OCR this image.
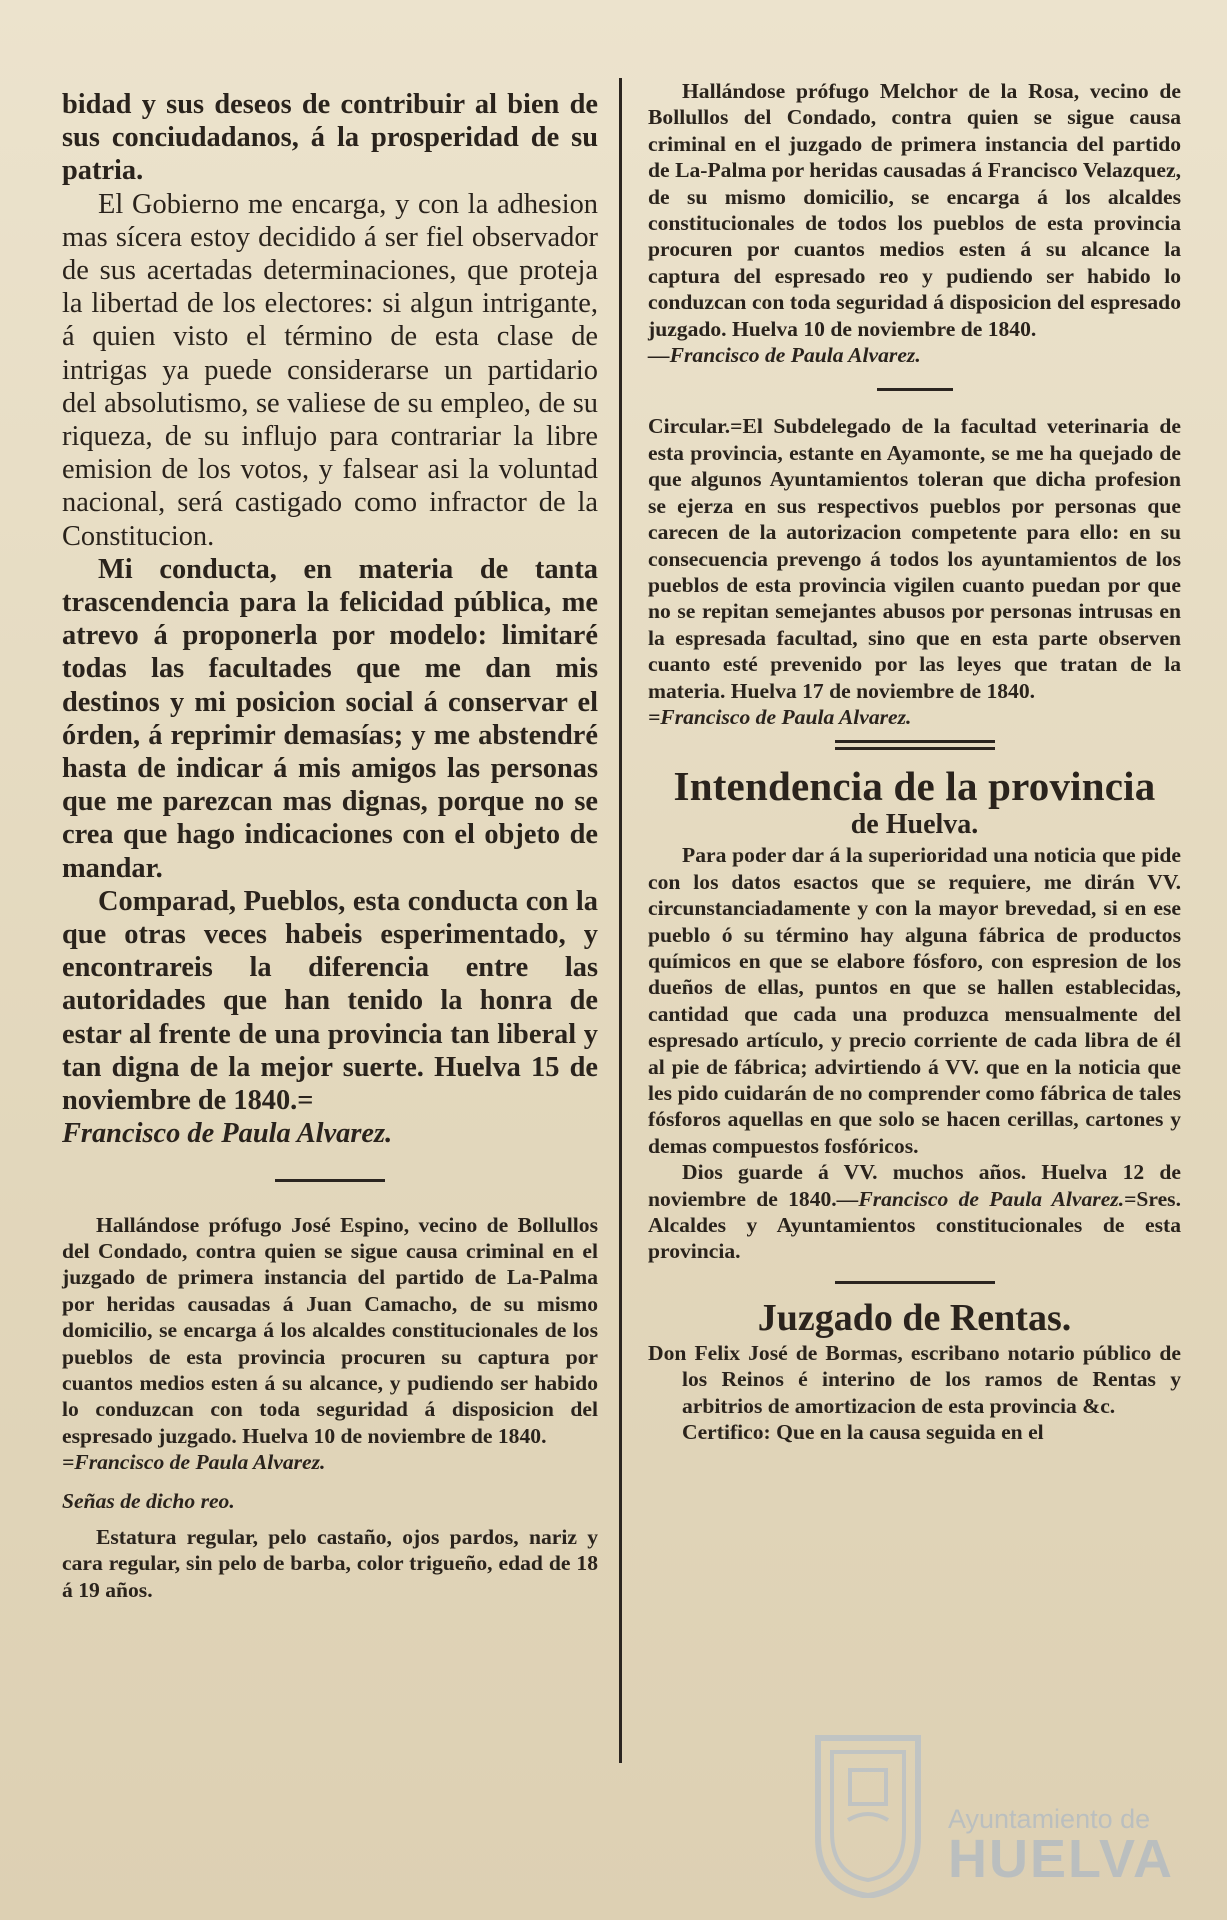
bidad y sus deseos de contribuir al bien de sus conciudadanos, á la prosperidad de su patria.

El Gobierno me encarga, y con la adhesion mas sícera estoy decidido á ser fiel observador de sus acertadas determinaciones, que proteja la libertad de los electores: si algun intrigante, á quien visto el término de esta clase de intrigas ya puede considerarse un partidario del absolutismo, se valiese de su empleo, de su riqueza, de su influjo para contrariar la libre emision de los votos, y falsear asi la voluntad nacional, será castigado como infractor de la Constitucion.

Mi conducta, en materia de tanta trascendencia para la felicidad pública, me atrevo á proponerla por modelo: limitaré todas las facultades que me dan mis destinos y mi posicion social á conservar el órden, á reprimir demasías; y me abstendré hasta de indicar á mis amigos las personas que me parezcan mas dignas, porque no se crea que hago indicaciones con el objeto de mandar.

Comparad, Pueblos, esta conducta con la que otras veces habeis esperimentado, y encontrareis la diferencia entre las autoridades que han tenido la honra de estar al frente de una provincia tan liberal y tan digna de la mejor suerte. Huelva 15 de noviembre de 1840.=

Francisco de Paula Alvarez.

Hallándose prófugo José Espino, vecino de Bollullos del Condado, contra quien se sigue causa criminal en el juzgado de primera instancia del partido de La-Palma por heridas causadas á Juan Camacho, de su mismo domicilio, se encarga á los alcaldes constitucionales de los pueblos de esta provincia procuren su captura por cuantos medios esten á su alcance, y pudiendo ser habido lo conduzcan con toda seguridad á disposicion del espresado juzgado. Huelva 10 de noviembre de 1840.

=Francisco de Paula Alvarez.

Señas de dicho reo.

Estatura regular, pelo castaño, ojos pardos, nariz y cara regular, sin pelo de barba, color trigueño, edad de 18 á 19 años.

Hallándose prófugo Melchor de la Rosa, vecino de Bollullos del Condado, contra quien se sigue causa criminal en el juzgado de primera instancia del partido de La-Palma por heridas causadas á Francisco Velazquez, de su mismo domicilio, se encarga á los alcaldes constitucionales de todos los pueblos de esta provincia procuren por cuantos medios esten á su alcance la captura del espresado reo y pudiendo ser habido lo conduzcan con toda seguridad á disposicion del espresado juzgado. Huelva 10 de noviembre de 1840.

—Francisco de Paula Alvarez.

Circular.=El Subdelegado de la facultad veterinaria de esta provincia, estante en Ayamonte, se me ha quejado de que algunos Ayuntamientos toleran que dicha profesion se ejerza en sus respectivos pueblos por personas que carecen de la autorizacion competente para ello: en su consecuencia prevengo á todos los ayuntamientos de los pueblos de esta provincia vigilen cuanto puedan por que no se repitan semejantes abusos por personas intrusas en la espresada facultad, sino que en esta parte observen cuanto esté prevenido por las leyes que tratan de la materia. Huelva 17 de noviembre de 1840.

=Francisco de Paula Alvarez.

Intendencia de la provincia
de Huelva.

Para poder dar á la superioridad una noticia que pide con los datos esactos que se requiere, me dirán VV. circunstanciadamente y con la mayor brevedad, si en ese pueblo ó su término hay alguna fábrica de productos químicos en que se elabore fósforo, con espresion de los dueños de ellas, puntos en que se hallen establecidas, cantidad que cada una produzca mensualmente del espresado artículo, y precio corriente de cada libra de él al pie de fábrica; advirtiendo á VV. que en la noticia que les pido cuidarán de no comprender como fábrica de tales fósforos aquellas en que solo se hacen cerillas, cartones y demas compuestos fosfóricos.

Dios guarde á VV. muchos años. Huelva 12 de noviembre de 1840.—Francisco de Paula Alvarez.=Sres. Alcaldes y Ayuntamientos constitucionales de esta provincia.

Juzgado de Rentas.

Don Felix José de Bormas, escribano notario público de los Reinos é interino de los ramos de Rentas y arbitrios de amortizacion de esta provincia &c.

Certifico: Que en la causa seguida en el

Ayuntamiento de
HUELVA
